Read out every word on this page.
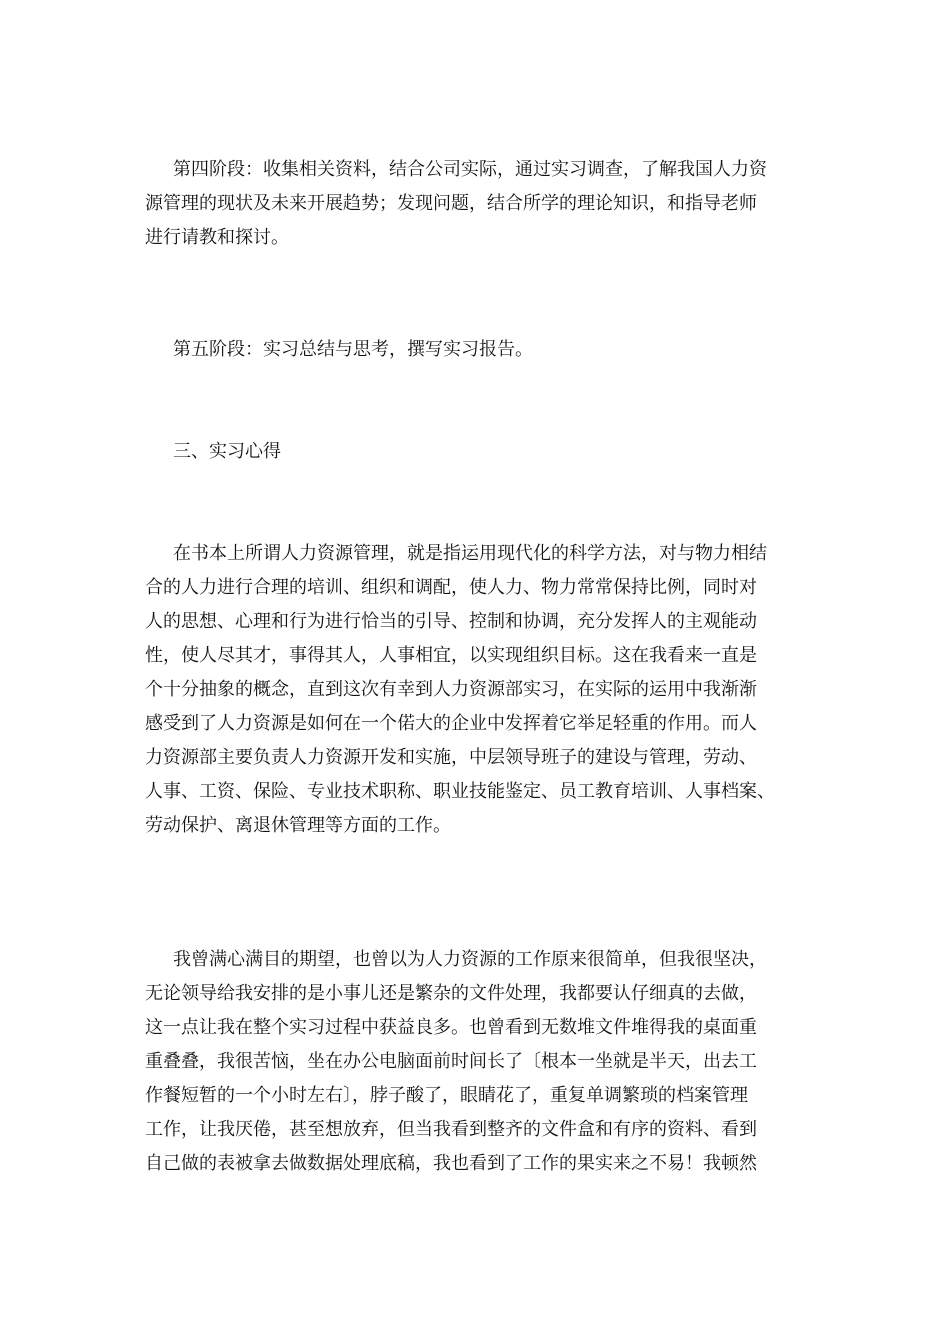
第四阶段：收集相关资料，结合公司实际，通过实习调查，了解我国人力资
源管理的现状及未来开展趋势；发现问题，结合所学的理论知识，和指导老师
进行请教和探讨。
第五阶段：实习总结与思考，撰写实习报告。
三、实习心得
在书本上所谓人力资源管理，就是指运用现代化的科学方法，对与物力相结
合的人力进行合理的培训、组织和调配，使人力、物力常常保持比例，同时对
人的思想、心理和行为进行恰当的引导、控制和协调，充分发挥人的主观能动
性，使人尽其才，事得其人，人事相宜，以实现组织目标。这在我看来一直是
个十分抽象的概念，直到这次有幸到人力资源部实习，在实际的运用中我渐渐
感受到了人力资源是如何在一个偌大的企业中发挥着它举足轻重的作用。而人
力资源部主要负责人力资源开发和实施，中层领导班子的建设与管理，劳动、
人事、工资、保险、专业技术职称、职业技能鉴定、员工教育培训、人事档案、
劳动保护、离退休管理等方面的工作。
我曾满心满目的期望，也曾以为人力资源的工作原来很简单，但我很坚决，
无论领导给我安排的是小事儿还是繁杂的文件处理，我都要认仔细真的去做，
这一点让我在整个实习过程中获益良多。也曾看到无数堆文件堆得我的桌面重
重叠叠，我很苦恼，坐在办公电脑面前时间长了〔根本一坐就是半天，出去工
作餐短暂的一个小时左右〕，脖子酸了，眼睛花了，重复单调繁琐的档案管理
工作，让我厌倦，甚至想放弃，但当我看到整齐的文件盒和有序的资料、看到
自己做的表被拿去做数据处理底稿，我也看到了工作的果实来之不易！我顿然
